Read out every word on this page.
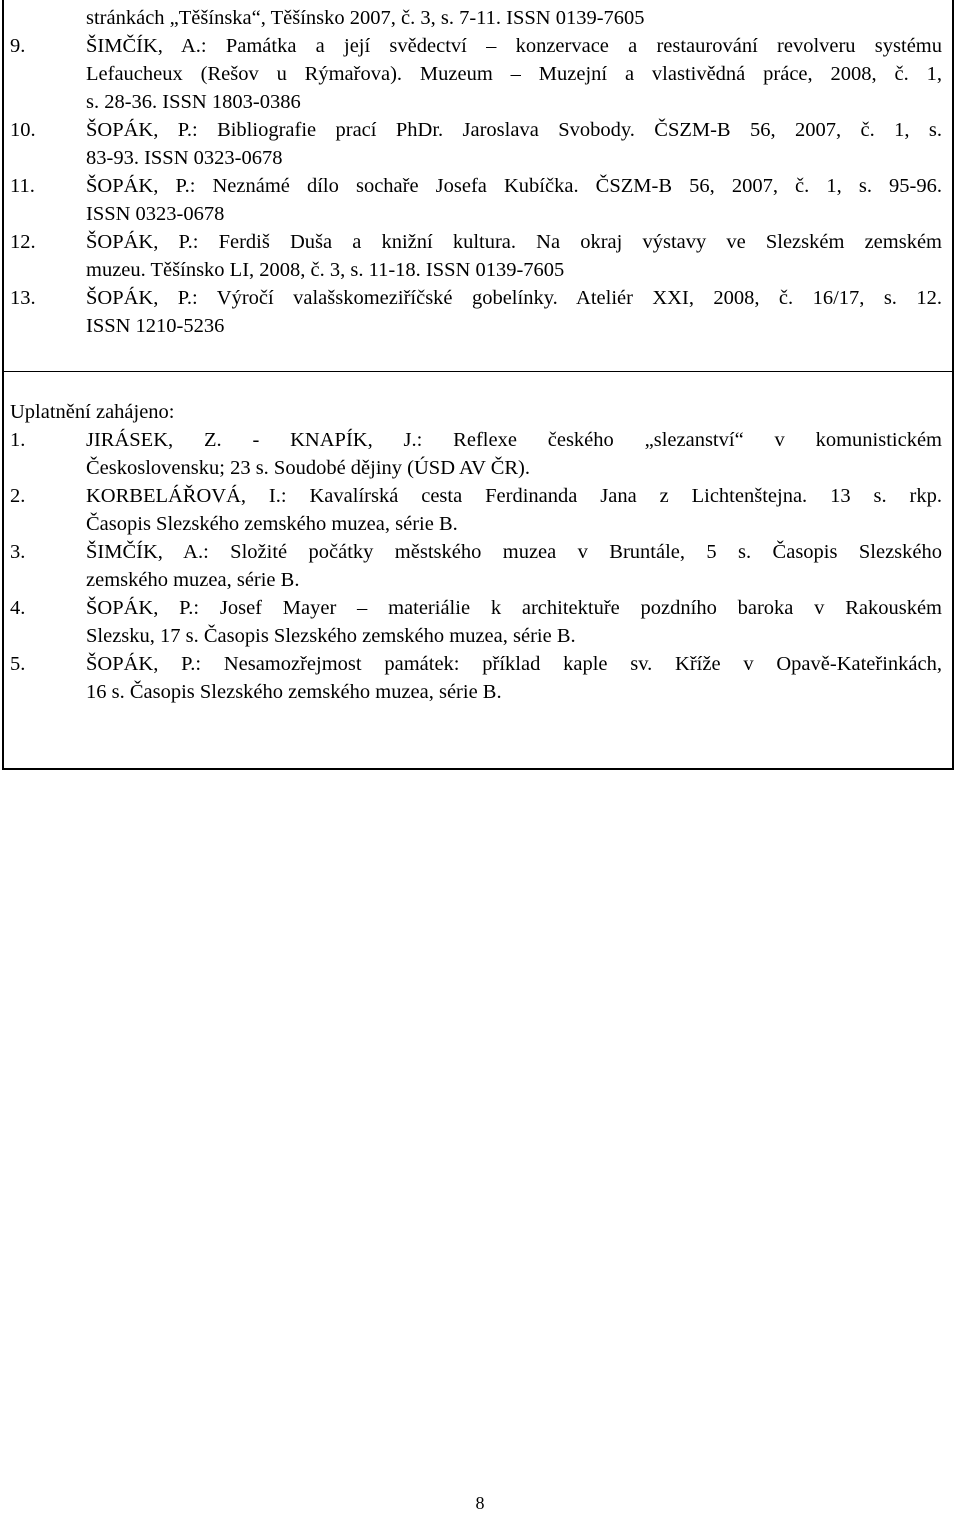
stránkách „Těšínska“, Těšínsko 2007, č. 3, s. 7-11. ISSN 0139-7605
9.	ŠIMČÍK, A.: Památka a její svědectví – konzervace a restaurování revolveru systému
Lefaucheux (Rešov u Rýmařova). Muzeum – Muzejní a vlastivědná práce, 2008, č. 1,
s. 28-36. ISSN 1803-0386
10. ŠOPÁK, P.: Bibliografie prací PhDr. Jaroslava Svobody. ČSZM-B 56, 2007, č. 1, s.
83-93. ISSN 0323-0678
11. ŠOPÁK, P.: Neznámé dílo sochaře Josefa Kubíčka. ČSZM-B 56, 2007, č. 1, s. 95-96.
ISSN 0323-0678
12. ŠOPÁK, P.: Ferdiš Duša a knižní kultura. Na okraj výstavy ve Slezském zemském
muzeu. Těšínsko LI, 2008, č. 3, s. 11-18. ISSN 0139-7605
13. ŠOPÁK, P.: Výročí valašskomeziříčské gobelínky. Ateliér XXI, 2008, č. 16/17, s. 12.
ISSN 1210-5236
Uplatnění zahájeno:
1.	JIRÁSEK, Z. - KNAPÍK, J.: Reflexe českého „slezanství“ v komunistickém
Československu; 23 s. Soudobé dějiny (ÚSD AV ČR).
2.	KORBELÁŘOVÁ, I.: Kavalírská cesta Ferdinanda Jana z Lichtenštejna. 13 s. rkp.
Časopis Slezského zemského muzea, série B.
3.	ŠIMČÍK, A.: Složité počátky městského muzea v Bruntále, 5 s. Časopis Slezského
zemského muzea, série B.
4.	ŠOPÁK, P.: Josef Mayer – materiálie k architektuře pozdního baroka v Rakouském
Slezsku, 17 s. Časopis Slezského zemského muzea, série B.
5.	ŠOPÁK, P.: Nesamozřejmost památek: příklad kaple sv. Kříže v Opavě-Kateřinkách,
16 s. Časopis Slezského zemského muzea, série B.
8
